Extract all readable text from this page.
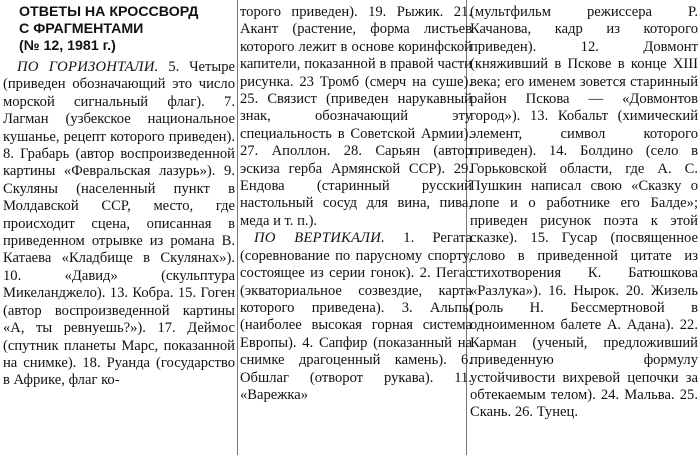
ОТВЕТЫ НА КРОССВОРД
С ФРАГМЕНТАМИ
(№ 12, 1981 г.)

ПО ГОРИЗОНТАЛИ. 5. Четыре (приведен обозначающий это число морской сигнальный флаг). 7. Лагман (узбекское национальное кушанье, рецепт которого приведен). 8. Грабарь (автор воспроизведенной картины «Февральская лазурь»). 9. Скуляны (населенный пункт в Молдавской ССР, место, где происходит сцена, описанная в приведенном отрывке из романа В. Катаева «Кладбище в Скулянах»). 10. «Давид» (скульптура Микеланджело). 13. Кобра. 15. Гоген (автор воспроизведенной картины «А, ты ревнуешь?»). 17. Деймос (спутник планеты Марс, показанной на снимке). 18. Руанда (государство в Африке, флаг ко-

торого приведен). 19. Рыжик. 21. Акант (растение, форма листьев которого лежит в основе коринфской капители, показанной в правой части рисунка. 23 Тромб (смерч на суше). 25. Связист (приведен нарукавный знак, обозначающий эту специальность в Советской Армии). 27. Аполлон. 28. Сарьян (автор эскиза герба Армянской ССР). 29. Ендова (старинный русский настольный сосуд для вина, пива, меда и т. п.).

ПО ВЕРТИКАЛИ. 1. Регата (соревнование по парусному спорту, состоящее из серии гонок). 2. Пегас (экваториальное созвездие, карта которого приведена). 3. Альпы (наиболее высокая горная система Европы). 4. Сапфир (показанный на снимке драгоценный камень). 6. Обшлаг (отворот рукава). 11. «Варежка»

(мультфильм режиссера Р. Качанова, кадр из которого приведен). 12. Довмонт (княживший в Пскове в конце XIII века; его именем зовется старинный район Пскова — «Довмонтов город»). 13. Кобальт (химический элемент, символ которого приведен). 14. Болдино (село в Горьковской области, где А. С. Пушкин написал свою «Сказку о попе и о работнике его Балде»; приведен рисунок поэта к этой сказке). 15. Гусар (посвященное слово в приведенной цитате из стихотворения К. Батюшкова «Разлука»). 16. Нырок. 20. Жизель (роль Н. Бессмертновой в одноименном балете А. Адана). 22. Карман (ученый, предложивший приведенную формулу устойчивости вихревой цепочки за обтекаемым телом). 24. Мальва. 25. Скань. 26. Тунец.
